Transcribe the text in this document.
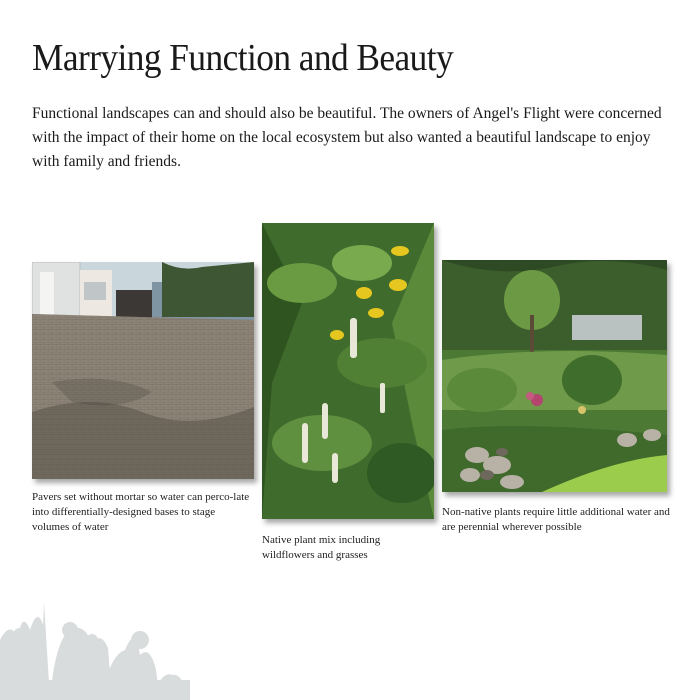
Marrying Function and Beauty

Functional landscapes can and should also be beautiful. The owners of Angel's Flight were concerned with the impact of their home on the local ecosystem but also wanted a beautiful landscape to enjoy with family and friends.

Pavers set without mortar so water can perco-late into differentially-designed bases to stage volumes of water

Native plant mix including wildflowers and grasses

Non-native plants require little additional water and are perennial wherever possible
